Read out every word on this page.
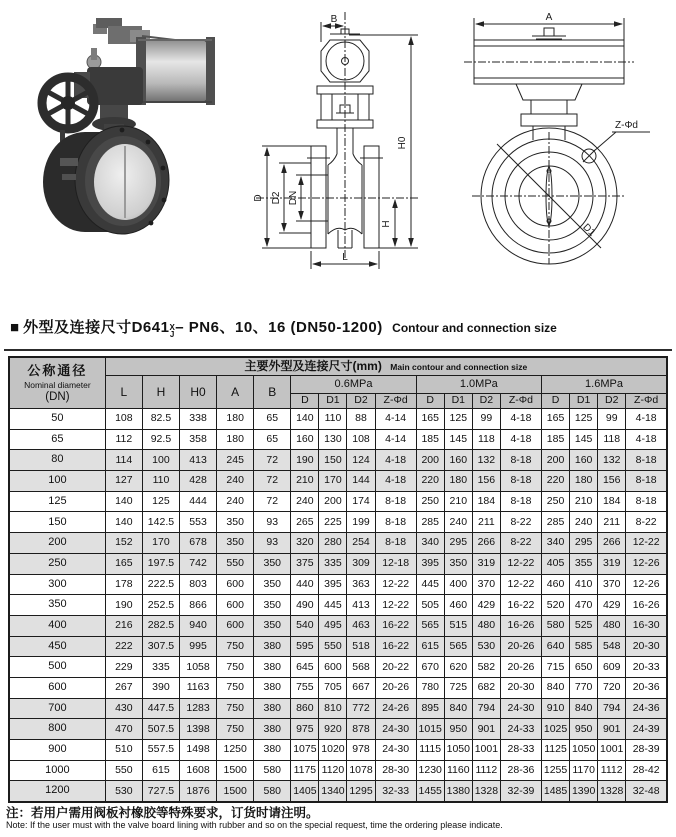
B
D D2 DN
H0
H
L
A
Z-Φd
D1
■ 外型及连接尺寸D641 X
J – PN6、10、16 (DN50-1200) Contour and connection size
公称通径
Nominal diameter
(DN)	主要外型及连接尺寸(mm) Main contour and connection size																
	L	H	H0	A	B	0.6MPa				1.0MPa				1.6MPa			
						D	D1	D2	Z-Φd	D	D1	D2	Z-Φd	D	D1	D2	Z-Φd
50	108	82.5	338	180	65	140	110	88	4-14	165	125	99	4-18	165	125	99	4-18
65	112	92.5	358	180	65	160	130	108	4-14	185	145	118	4-18	185	145	118	4-18
80	114	100	413	245	72	190	150	124	4-18	200	160	132	8-18	200	160	132	8-18
100	127	110	428	240	72	210	170	144	4-18	220	180	156	8-18	220	180	156	8-18
125	140	125	444	240	72	240	200	174	8-18	250	210	184	8-18	250	210	184	8-18
150	140	142.5	553	350	93	265	225	199	8-18	285	240	211	8-22	285	240	211	8-22
200	152	170	678	350	93	320	280	254	8-18	340	295	266	8-22	340	295	266	12-22
250	165	197.5	742	550	350	375	335	309	12-18	395	350	319	12-22	405	355	319	12-26
300	178	222.5	803	600	350	440	395	363	12-22	445	400	370	12-22	460	410	370	12-26
350	190	252.5	866	600	350	490	445	413	12-22	505	460	429	16-22	520	470	429	16-26
400	216	282.5	940	600	350	540	495	463	16-22	565	515	480	16-26	580	525	480	16-30
450	222	307.5	995	750	380	595	550	518	16-22	615	565	530	20-26	640	585	548	20-30
500	229	335	1058	750	380	645	600	568	20-22	670	620	582	20-26	715	650	609	20-33
600	267	390	1163	750	380	755	705	667	20-26	780	725	682	20-30	840	770	720	20-36
700	430	447.5	1283	750	380	860	810	772	24-26	895	840	794	24-30	910	840	794	24-36
800	470	507.5	1398	750	380	975	920	878	24-30	1015	950	901	24-33	1025	950	901	24-39
900	510	557.5	1498	1250	380	1075	1020	978	24-30	1115	1050	1001	28-33	1125	1050	1001	28-39
1000	550	615	1608	1500	580	1175	1120	1078	28-30	1230	1160	1112	28-36	1255	1170	1112	28-42
1200	530	727.5	1876	1500	580	1405	1340	1295	32-33	1455	1380	1328	32-39	1485	1390	1328	32-48
注：若用户需用阀板衬橡胶等特殊要求，订货时请注明。
Note: If the user must with the valve board lining with rubber and so on the special request, time the ordering please indicate.
